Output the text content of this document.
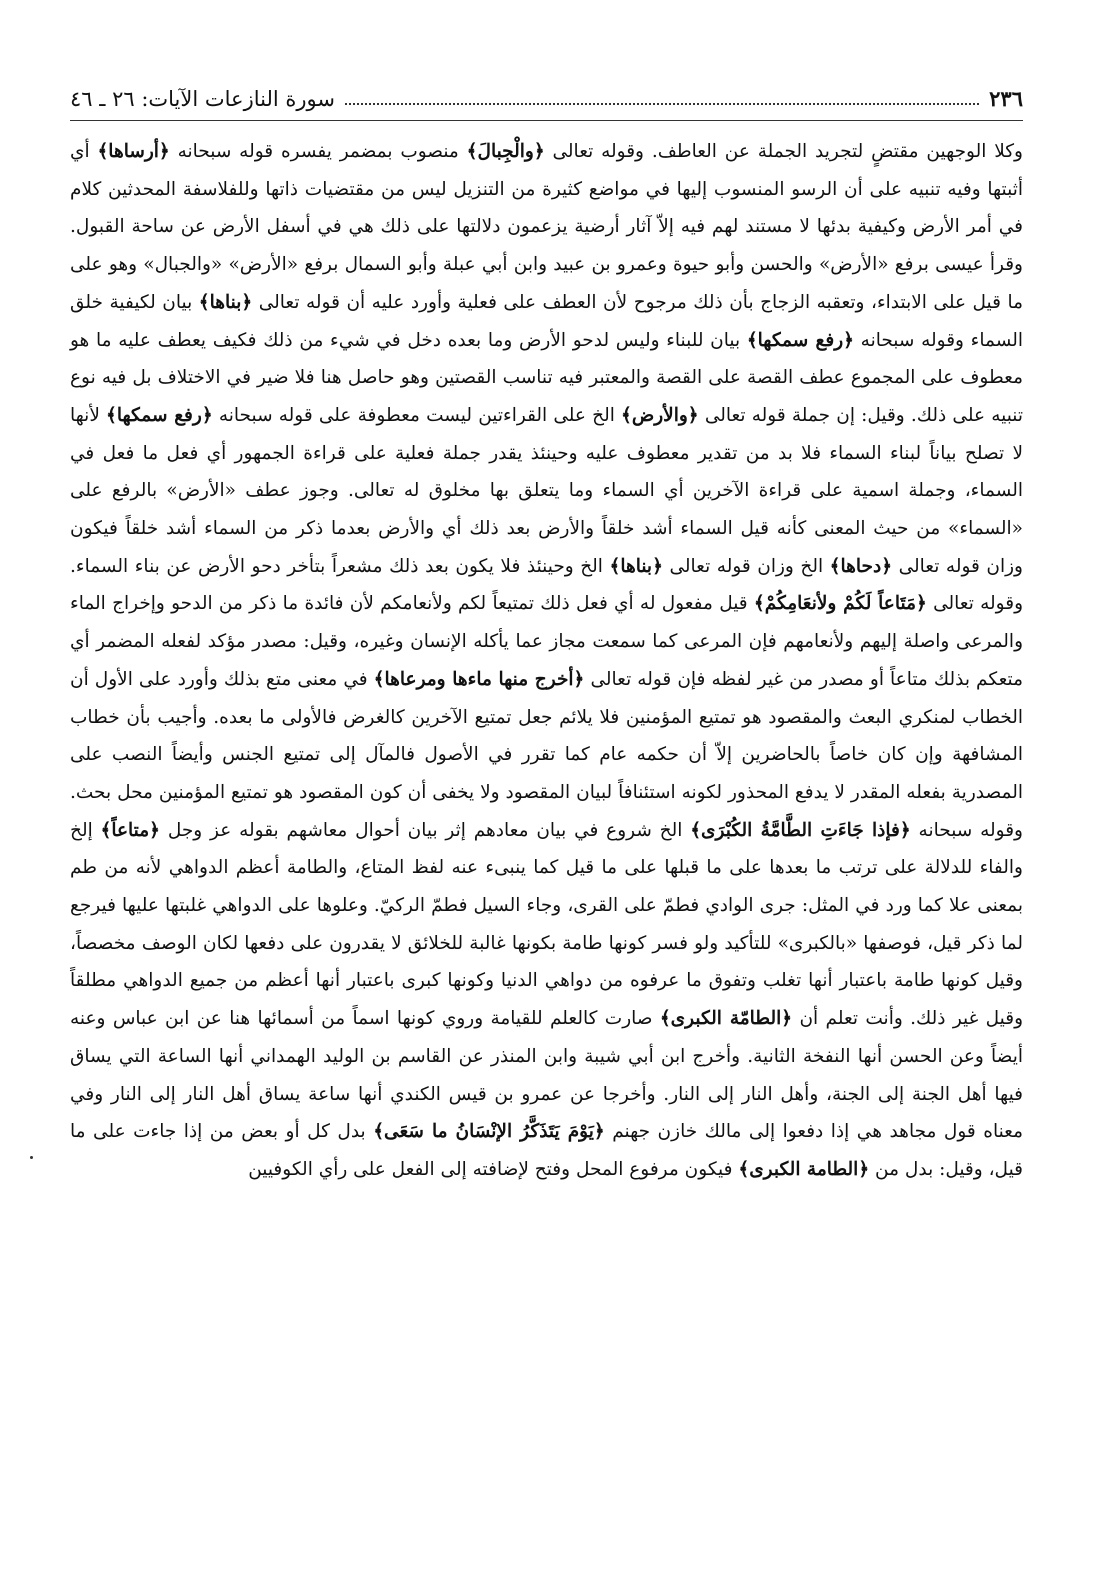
٢٣٦
سورة النازعات الآيات: ٢٦ ـ ٤٦

وكلا الوجهين مقتضٍ لتجريد الجملة عن العاطف. وقوله تعالى ﴿والْجِبالَ﴾ منصوب بمضمر يفسره قوله سبحانه ﴿أرساها﴾ أي أثبتها وفيه تنبيه على أن الرسو المنسوب إليها في مواضع كثيرة من التنزيل ليس من مقتضيات ذاتها وللفلاسفة المحدثين كلام في أمر الأرض وكيفية بدئها لا مستند لهم فيه إلاّ آثار أرضية يزعمون دلالتها على ذلك هي في أسفل الأرض عن ساحة القبول. وقرأ عيسى برفع «الأرض» والحسن وأبو حيوة وعمرو بن عبيد وابن أبي عبلة وأبو السمال برفع «الأرض» «والجبال» وهو على ما قيل على الابتداء، وتعقبه الزجاج بأن ذلك مرجوح لأن العطف على فعلية وأورد عليه أن قوله تعالى ﴿بناها﴾ بيان لكيفية خلق السماء وقوله سبحانه ﴿رفع سمكها﴾ بيان للبناء وليس لدحو الأرض وما بعده دخل في شيء من ذلك فكيف يعطف عليه ما هو معطوف على المجموع عطف القصة على القصة والمعتبر فيه تناسب القصتين وهو حاصل هنا فلا ضير في الاختلاف بل فيه نوع تنبيه على ذلك. وقيل: إن جملة قوله تعالى ﴿والأرض﴾ الخ على القراءتين ليست معطوفة على قوله سبحانه ﴿رفع سمكها﴾ لأنها لا تصلح بياناً لبناء السماء فلا بد من تقدير معطوف عليه وحينئذ يقدر جملة فعلية على قراءة الجمهور أي فعل ما فعل في السماء، وجملة اسمية على قراءة الآخرين أي السماء وما يتعلق بها مخلوق له تعالى. وجوز عطف «الأرض» بالرفع على «السماء» من حيث المعنى كأنه قيل السماء أشد خلقاً والأرض بعد ذلك أي والأرض بعدما ذكر من السماء أشد خلقاً فيكون وزان قوله تعالى ﴿دحاها﴾ الخ وزان قوله تعالى ﴿بناها﴾ الخ وحينئذ فلا يكون بعد ذلك مشعراً بتأخر دحو الأرض عن بناء السماء. وقوله تعالى ﴿مَتَاعاً لَكُمْ ولأنعَامِكُمْ﴾ قيل مفعول له أي فعل ذلك تمتيعاً لكم ولأنعامكم لأن فائدة ما ذكر من الدحو وإخراج الماء والمرعى واصلة إليهم ولأنعامهم فإن المرعى كما سمعت مجاز عما يأكله الإنسان وغيره، وقيل: مصدر مؤكد لفعله المضمر أي متعكم بذلك متاعاً أو مصدر من غير لفظه فإن قوله تعالى ﴿أخرج منها ماءها ومرعاها﴾ في معنى متع بذلك وأورد على الأول أن الخطاب لمنكري البعث والمقصود هو تمتيع المؤمنين فلا يلائم جعل تمتيع الآخرين كالغرض فالأولى ما بعده. وأجيب بأن خطاب المشافهة وإن كان خاصاً بالحاضرين إلاّ أن حكمه عام كما تقرر في الأصول فالمآل إلى تمتيع الجنس وأيضاً النصب على المصدرية بفعله المقدر لا يدفع المحذور لكونه استئنافاً لبيان المقصود ولا يخفى أن كون المقصود هو تمتيع المؤمنين محل بحث. وقوله سبحانه ﴿فإذا جَاءَتِ الطَّامَّةُ الكُبْرَى﴾ الخ شروع في بيان معادهم إثر بيان أحوال معاشهم بقوله عز وجل ﴿متاعاً﴾ إلخ والفاء للدلالة على ترتب ما بعدها على ما قبلها على ما قيل كما ينبىء عنه لفظ المتاع، والطامة أعظم الدواهي لأنه من طم بمعنى علا كما ورد في المثل: جرى الوادي فطمّ على القرى، وجاء السيل فطمّ الركيّ. وعلوها على الدواهي غلبتها عليها فيرجع لما ذكر قيل، فوصفها «بالكبرى» للتأكيد ولو فسر كونها طامة بكونها غالبة للخلائق لا يقدرون على دفعها لكان الوصف مخصصاً، وقيل كونها طامة باعتبار أنها تغلب وتفوق ما عرفوه من دواهي الدنيا وكونها كبرى باعتبار أنها أعظم من جميع الدواهي مطلقاً وقيل غير ذلك. وأنت تعلم أن ﴿الطامّة الكبرى﴾ صارت كالعلم للقيامة وروي كونها اسماً من أسمائها هنا عن ابن عباس وعنه أيضاً وعن الحسن أنها النفخة الثانية. وأخرج ابن أبي شيبة وابن المنذر عن القاسم بن الوليد الهمداني أنها الساعة التي يساق فيها أهل الجنة إلى الجنة، وأهل النار إلى النار. وأخرجا عن عمرو بن قيس الكندي أنها ساعة يساق أهل النار إلى النار وفي معناه قول مجاهد هي إذا دفعوا إلى مالك خازن جهنم ﴿يَوْمَ يَتَذَكَّرُ الإنْسَانُ ما سَعَى﴾ بدل كل أو بعض من إذا جاءت على ما قيل، وقيل: بدل من ﴿الطامة الكبرى﴾ فيكون مرفوع المحل وفتح لإضافته إلى الفعل على رأي الكوفيين
